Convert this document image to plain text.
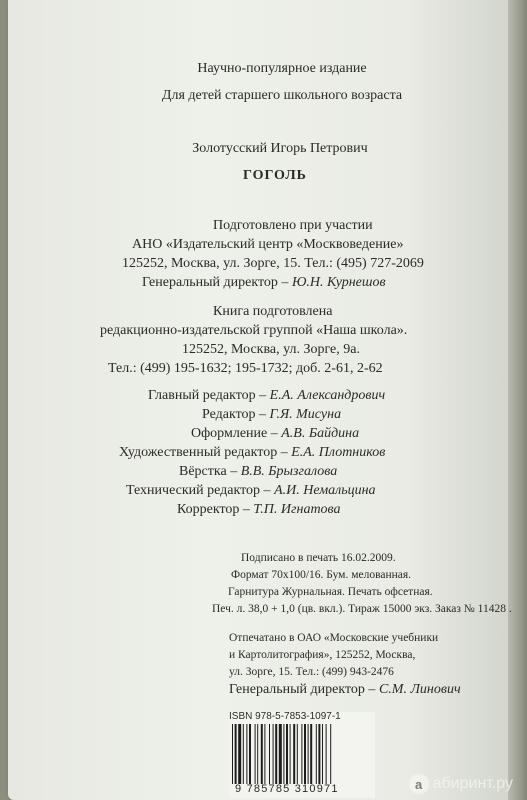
Научно-популярное издание
Для детей старшего школьного возраста
Золотусский Игорь Петрович
ГОГОЛЬ
Подготовлено при участии
АНО «Издательский центр «Москвоведение»
125252, Москва, ул. Зорге, 15. Тел.: (495) 727-2069
Генеральный директор – Ю.Н. Курнешов
Книга подготовлена
редакционно-издательской группой «Наша школа».
125252, Москва, ул. Зорге, 9а.
Тел.: (499) 195-1632; 195-1732; доб. 2-61, 2-62
Главный редактор – Е.А. Александрович
Редактор – Г.Я. Мисуна
Оформление – А.В. Байдина
Художественный редактор – Е.А. Плотников
Вёрстка – В.В. Брызгалова
Технический редактор – А.И. Немальцина
Корректор – Т.П. Игнатова
Подписано в печать 16.02.2009.
Формат 70x100/16. Бум. мелованная.
Гарнитура Журнальная. Печать офсетная.
Печ. л. 38,0 + 1,0 (цв. вкл.). Тираж 15000 экз. Заказ № 11428 .
Отпечатано в ОАО «Московские учебники
и Картолитография», 125252, Москва,
ул. Зорге, 15. Тел.: (499) 943-2476
Генеральный директор – С.М. Линович
ISBN 978-5-7853-1097-1
9 785785 310971	a абиринт.ру
